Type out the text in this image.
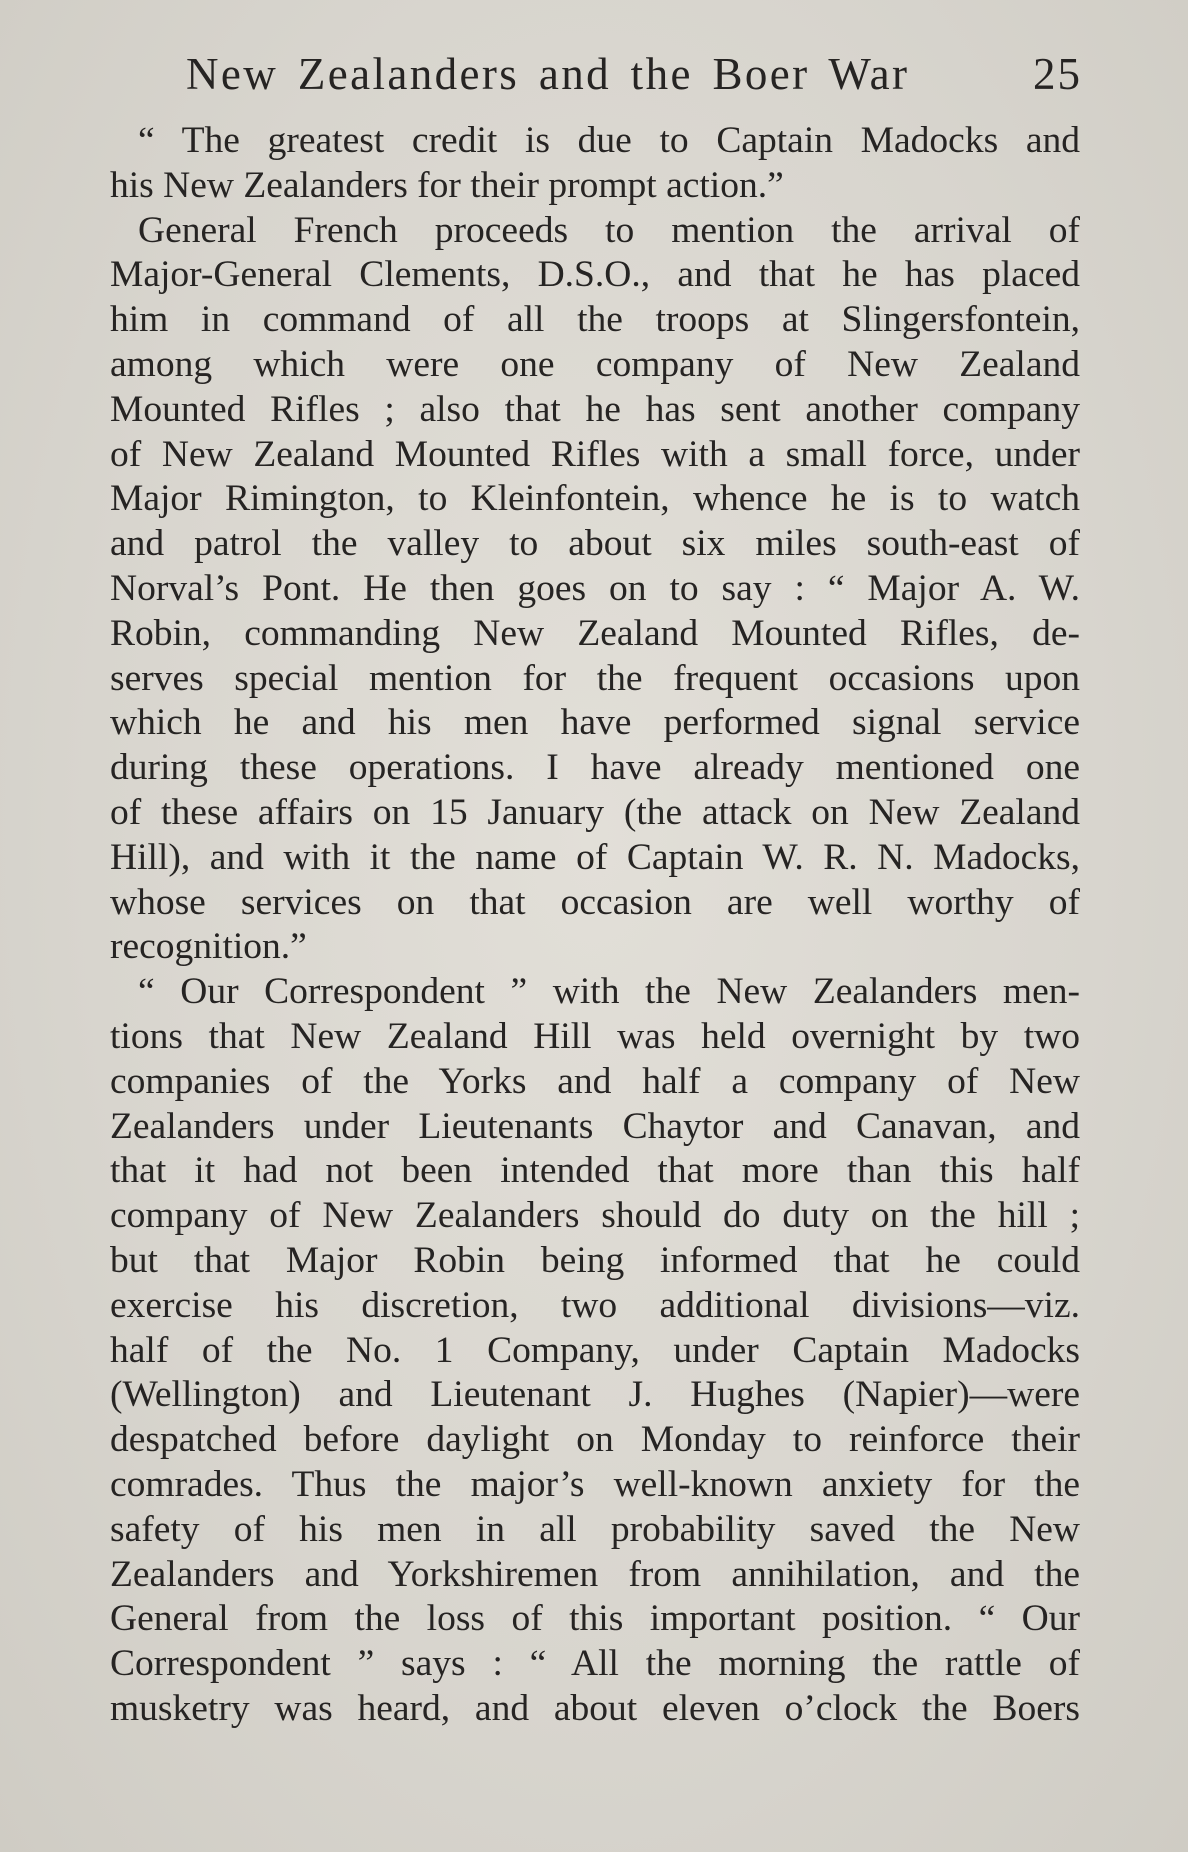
New Zealanders and the Boer War	25
“ The greatest credit is due to Captain Madocks and
his New Zealanders for their prompt action.”
General French proceeds to mention the arrival of
Major-General Clements, D.S.O., and that he has placed
him in command of all the troops at Slingersfontein,
among which were one company of New Zealand
Mounted Rifles ; also that he has sent another company
of New Zealand Mounted Rifles with a small force, under
Major Rimington, to Kleinfontein, whence he is to watch
and patrol the valley to about six miles south-east of
Norval’s Pont. He then goes on to say : “ Major A. W.
Robin, commanding New Zealand Mounted Rifles, de-
serves special mention for the frequent occasions upon
which he and his men have performed signal service
during these operations. I have already mentioned one
of these affairs on 15 January (the attack on New Zealand
Hill), and with it the name of Captain W. R. N. Madocks,
whose services on that occasion are well worthy of
recognition.”
“ Our Correspondent ” with the New Zealanders men-
tions that New Zealand Hill was held overnight by two
companies of the Yorks and half a company of New
Zealanders under Lieutenants Chaytor and Canavan, and
that it had not been intended that more than this half
company of New Zealanders should do duty on the hill ;
but that Major Robin being informed that he could
exercise his discretion, two additional divisions—viz.
half of the No. 1 Company, under Captain Madocks
(Wellington) and Lieutenant J. Hughes (Napier)—were
despatched before daylight on Monday to reinforce their
comrades. Thus the major’s well-known anxiety for the
safety of his men in all probability saved the New
Zealanders and Yorkshiremen from annihilation, and the
General from the loss of this important position. “ Our
Correspondent ” says : “ All the morning the rattle of
musketry was heard, and about eleven o’clock the Boers
